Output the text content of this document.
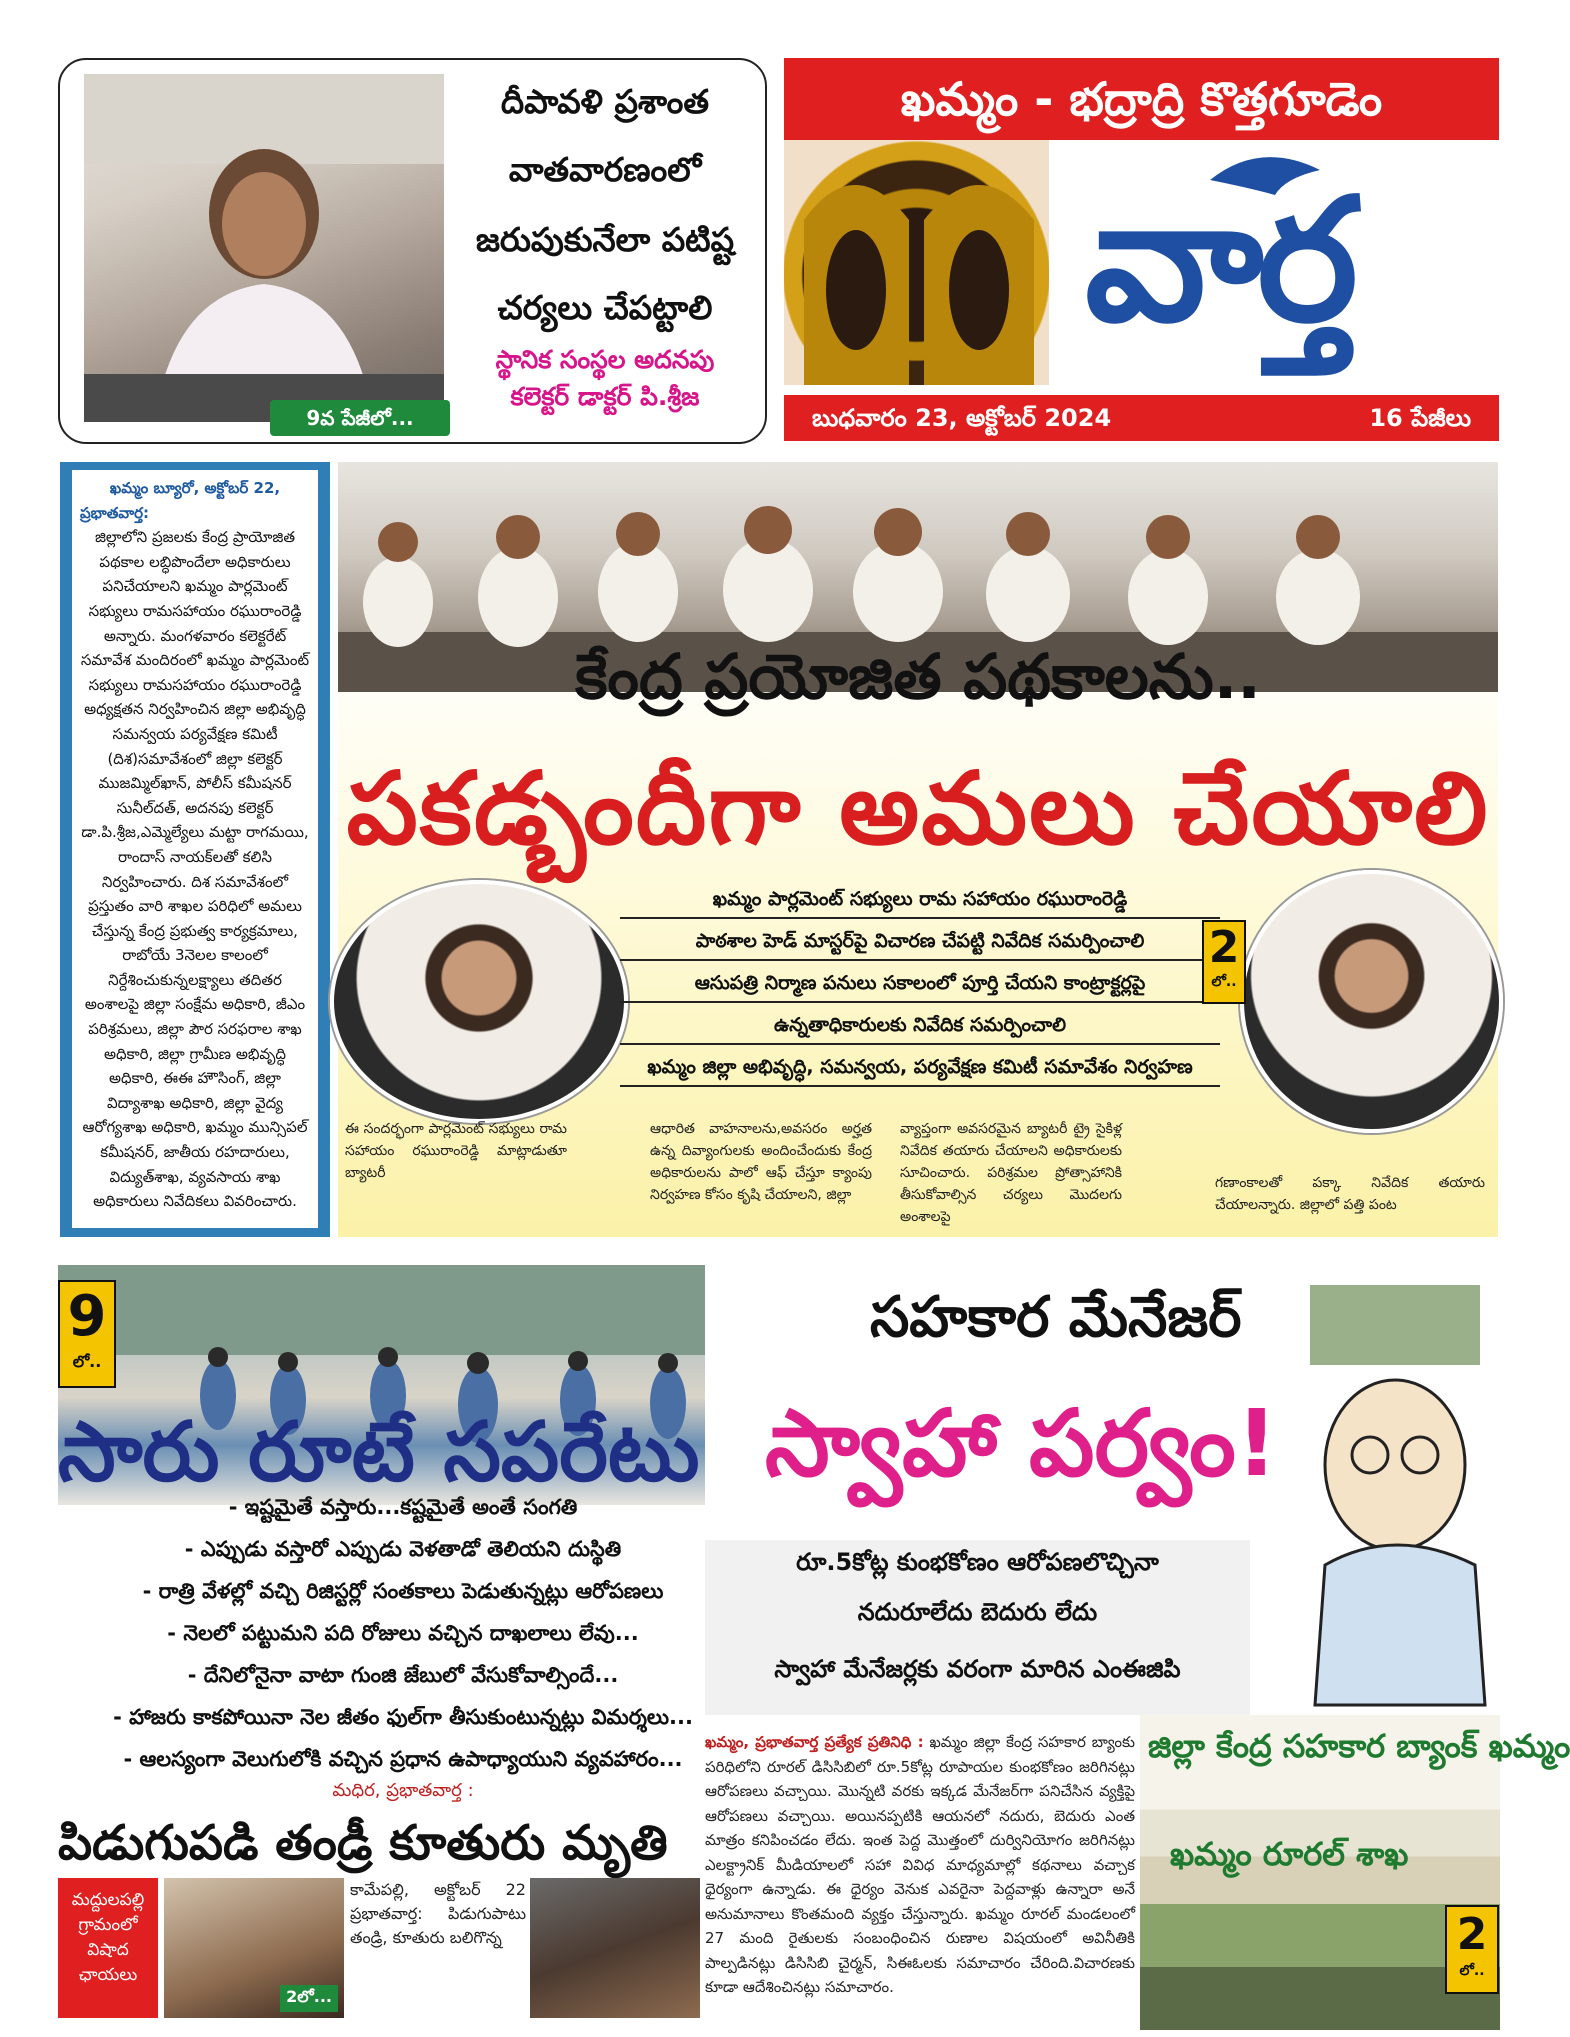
దీపావళి ప్రశాంత
వాతవారణంలో
జరుపుకునేలా పటిష్ట
చర్యలు చేపట్టాలి
స్థానిక సంస్థల అదనపు
కలెక్టర్ డాక్టర్ పి.శ్రీజ
9వ పేజీలో...
ఖమ్మం - భద్రాద్రి కొత్తగూడెం
వార్త
బుధవారం 23, అక్టోబర్ 2024	16 పేజీలు
ఖమ్మం బ్యూరో, అక్టోబర్ 22,
ప్రభాతవార్త:
జిల్లాలోని ప్రజలకు కేంద్ర ప్రాయోజిత పథకాల లబ్ధిపొందేలా అధికారులు పనిచేయాలని ఖమ్మం పార్లమెంట్ సభ్యులు రామసహాయం రఘురాంరెడ్డి అన్నారు. మంగళవారం కలెక్టరేట్ సమావేశ మందిరంలో ఖమ్మం పార్లమెంట్ సభ్యులు రామసహాయం రఘురాంరెడ్డి అధ్యక్షతన నిర్వహించిన జిల్లా అభివృద్ధి సమన్వయ పర్యవేక్షణ కమిటీ (దిశ)సమావేశంలో జిల్లా కలెక్టర్ ముజమ్మిల్‌ఖాన్, పోలీస్ కమీషనర్ సునీల్‌దత్, అదనపు కలెక్టర్ డా.పి.శ్రీజ,ఎమ్మెల్యేలు మట్టా రాగమయి, రాందాస్ నాయక్‌లతో కలిసి నిర్వహించారు. దిశ సమావేశంలో ప్రస్తుతం వారి శాఖల పరిధిలో అమలు చేస్తున్న కేంద్ర ప్రభుత్వ కార్యక్రమాలు, రాబోయే 3నెలల కాలంలో నిర్దేశించుకున్నలక్ష్యాలు తదితర అంశాలపై జిల్లా సంక్షేమ అధికారి, జీఎం పరిశ్రమలు, జిల్లా పౌర సరఫరాల శాఖ అధికారి, జిల్లా గ్రామీణ అభివృద్ధి అధికారి, ఈఈ హౌసింగ్, జిల్లా విద్యాశాఖ అధికారి, జిల్లా వైద్య ఆరోగ్యశాఖ అధికారి, ఖమ్మం మున్సిపల్ కమీషనర్, జాతీయ రహదారులు, విద్యుత్‌శాఖ, వ్యవసాయ శాఖ అధికారులు నివేదికలు వివరించారు.
కేంద్ర ప్రయోజిత పథకాలను..
పకడ్బందీగా అమలు చేయాలి
ఖమ్మం పార్లమెంట్ సభ్యులు రామ సహాయం రఘురాంరెడ్డి
పాఠశాల హెడ్ మాస్టర్‌పై విచారణ చేపట్టి నివేదిక సమర్పించాలి
ఆసుపత్రి నిర్మాణ పనులు సకాలంలో పూర్తి చేయని కాంట్రాక్టర్లపై
ఉన్నతాధికారులకు నివేదిక సమర్పించాలి
ఖమ్మం జిల్లా అభివృద్ధి, సమన్వయ, పర్యవేక్షణ కమిటీ సమావేశం నిర్వహణ
2
లో..
ఈ సందర్భంగా పార్లమెంట్ సభ్యులు రామ సహాయం రఘురాంరెడ్డి మాట్లాడుతూ బ్యాటరీ
ఆధారిత వాహనాలను,అవసరం అర్హత ఉన్న దివ్యాంగులకు అందించేందుకు కేంద్ర అధికారులను పాలో ఆఫ్ చేస్తూ క్యాంపు నిర్వహణ కోసం కృషి చేయాలని, జిల్లా
వ్యాప్తంగా అవసరమైన బ్యాటరీ ట్రై సైకిళ్ల నివేదిక తయారు చేయాలని అధికారులకు సూచించారు. పరిశ్రమల ప్రోత్సాహానికి తీసుకోవాల్సిన చర్యలు మొదలగు అంశాలపై
గణాంకాలతో పక్కా నివేదిక తయారు చేయాలన్నారు. జిల్లాలో పత్తి పంట
9
లో..
సారు రూటే సపరేటు
- ఇష్టమైతే వస్తారు...కష్టమైతే అంతే సంగతి
- ఎప్పుడు వస్తారో ఎప్పుడు వెళతాడో తెలియని దుస్థితి
- రాత్రి వేళల్లో వచ్చి రిజిస్టర్లో సంతకాలు పెడుతున్నట్లు ఆరోపణలు
- నెలలో పట్టుమని పది రోజులు వచ్చిన దాఖలాలు లేవు...
- దేనిలోనైనా వాటా గుంజి జేబులో వేసుకోవాల్సిందే...
- హాజరు కాకపోయినా నెల జీతం ఫుల్‌గా తీసుకుంటున్నట్లు విమర్శలు...
- ఆలస్యంగా వెలుగులోకి వచ్చిన ప్రధాన ఉపాధ్యాయుని వ్యవహారం...
మధిర, ప్రభాతవార్త :
పిడుగుపడి తండ్రీ కూతురు మృతి
మద్దులపల్లి గ్రామంలో విషాద ఛాయలు
2లో...
కామేపల్లి, అక్టోబర్ 22 ప్రభాతవార్త: పిడుగుపాటు తండ్రి, కూతురు బలిగొన్న
సహకార మేనేజర్
స్వాహా పర్వం!
రూ.5కోట్ల కుంభకోణం ఆరోపణలొచ్చినా
నదురూలేదు బెదురు లేదు
స్వాహా మేనేజర్లకు వరంగా మారిన ఎంఈజిపి
ఖమ్మం, ప్రభాతవార్త ప్రత్యేక ప్రతినిధి : ఖమ్మం జిల్లా కేంద్ర సహకార బ్యాంకు పరిధిలోని రూరల్ డిసిసిబిలో రూ.5కోట్ల రూపాయల కుంభకోణం జరిగినట్లు ఆరోపణలు వచ్చాయి. మొన్నటి వరకు ఇక్కడ మేనేజర్‌గా పనిచేసిన వ్యక్తిపై ఆరోపణలు వచ్చాయి. అయినప్పటికి ఆయనలో నదురు, బెదురు ఎంత మాత్రం కనిపించడం లేదు. ఇంత పెద్ద మొత్తంలో దుర్వినియోగం జరిగినట్లు ఎలక్ట్రానిక్ మీడియాలలో సహా వివిధ మాధ్యమాల్లో కథనాలు వచ్చాక ధైర్యంగా ఉన్నాడు. ఈ ధైర్యం వెనుక ఎవరైనా పెద్దవాళ్లు ఉన్నారా అనే అనుమానాలు కొంతమంది వ్యక్తం చేస్తున్నారు. ఖమ్మం రూరల్ మండలంలో 27 మంది రైతులకు సంబంధించిన రుణాల విషయంలో అవినీతికి పాల్పడినట్లు డిసిసిబి చైర్మన్, సిఈఓలకు సమాచారం చేరింది.విచారణకు కూడా ఆదేశించినట్లు సమాచారం.
జిల్లా కేంద్ర సహకార బ్యాంక్ ఖమ్మం
ఖమ్మం రూరల్ శాఖ
2
లో..
